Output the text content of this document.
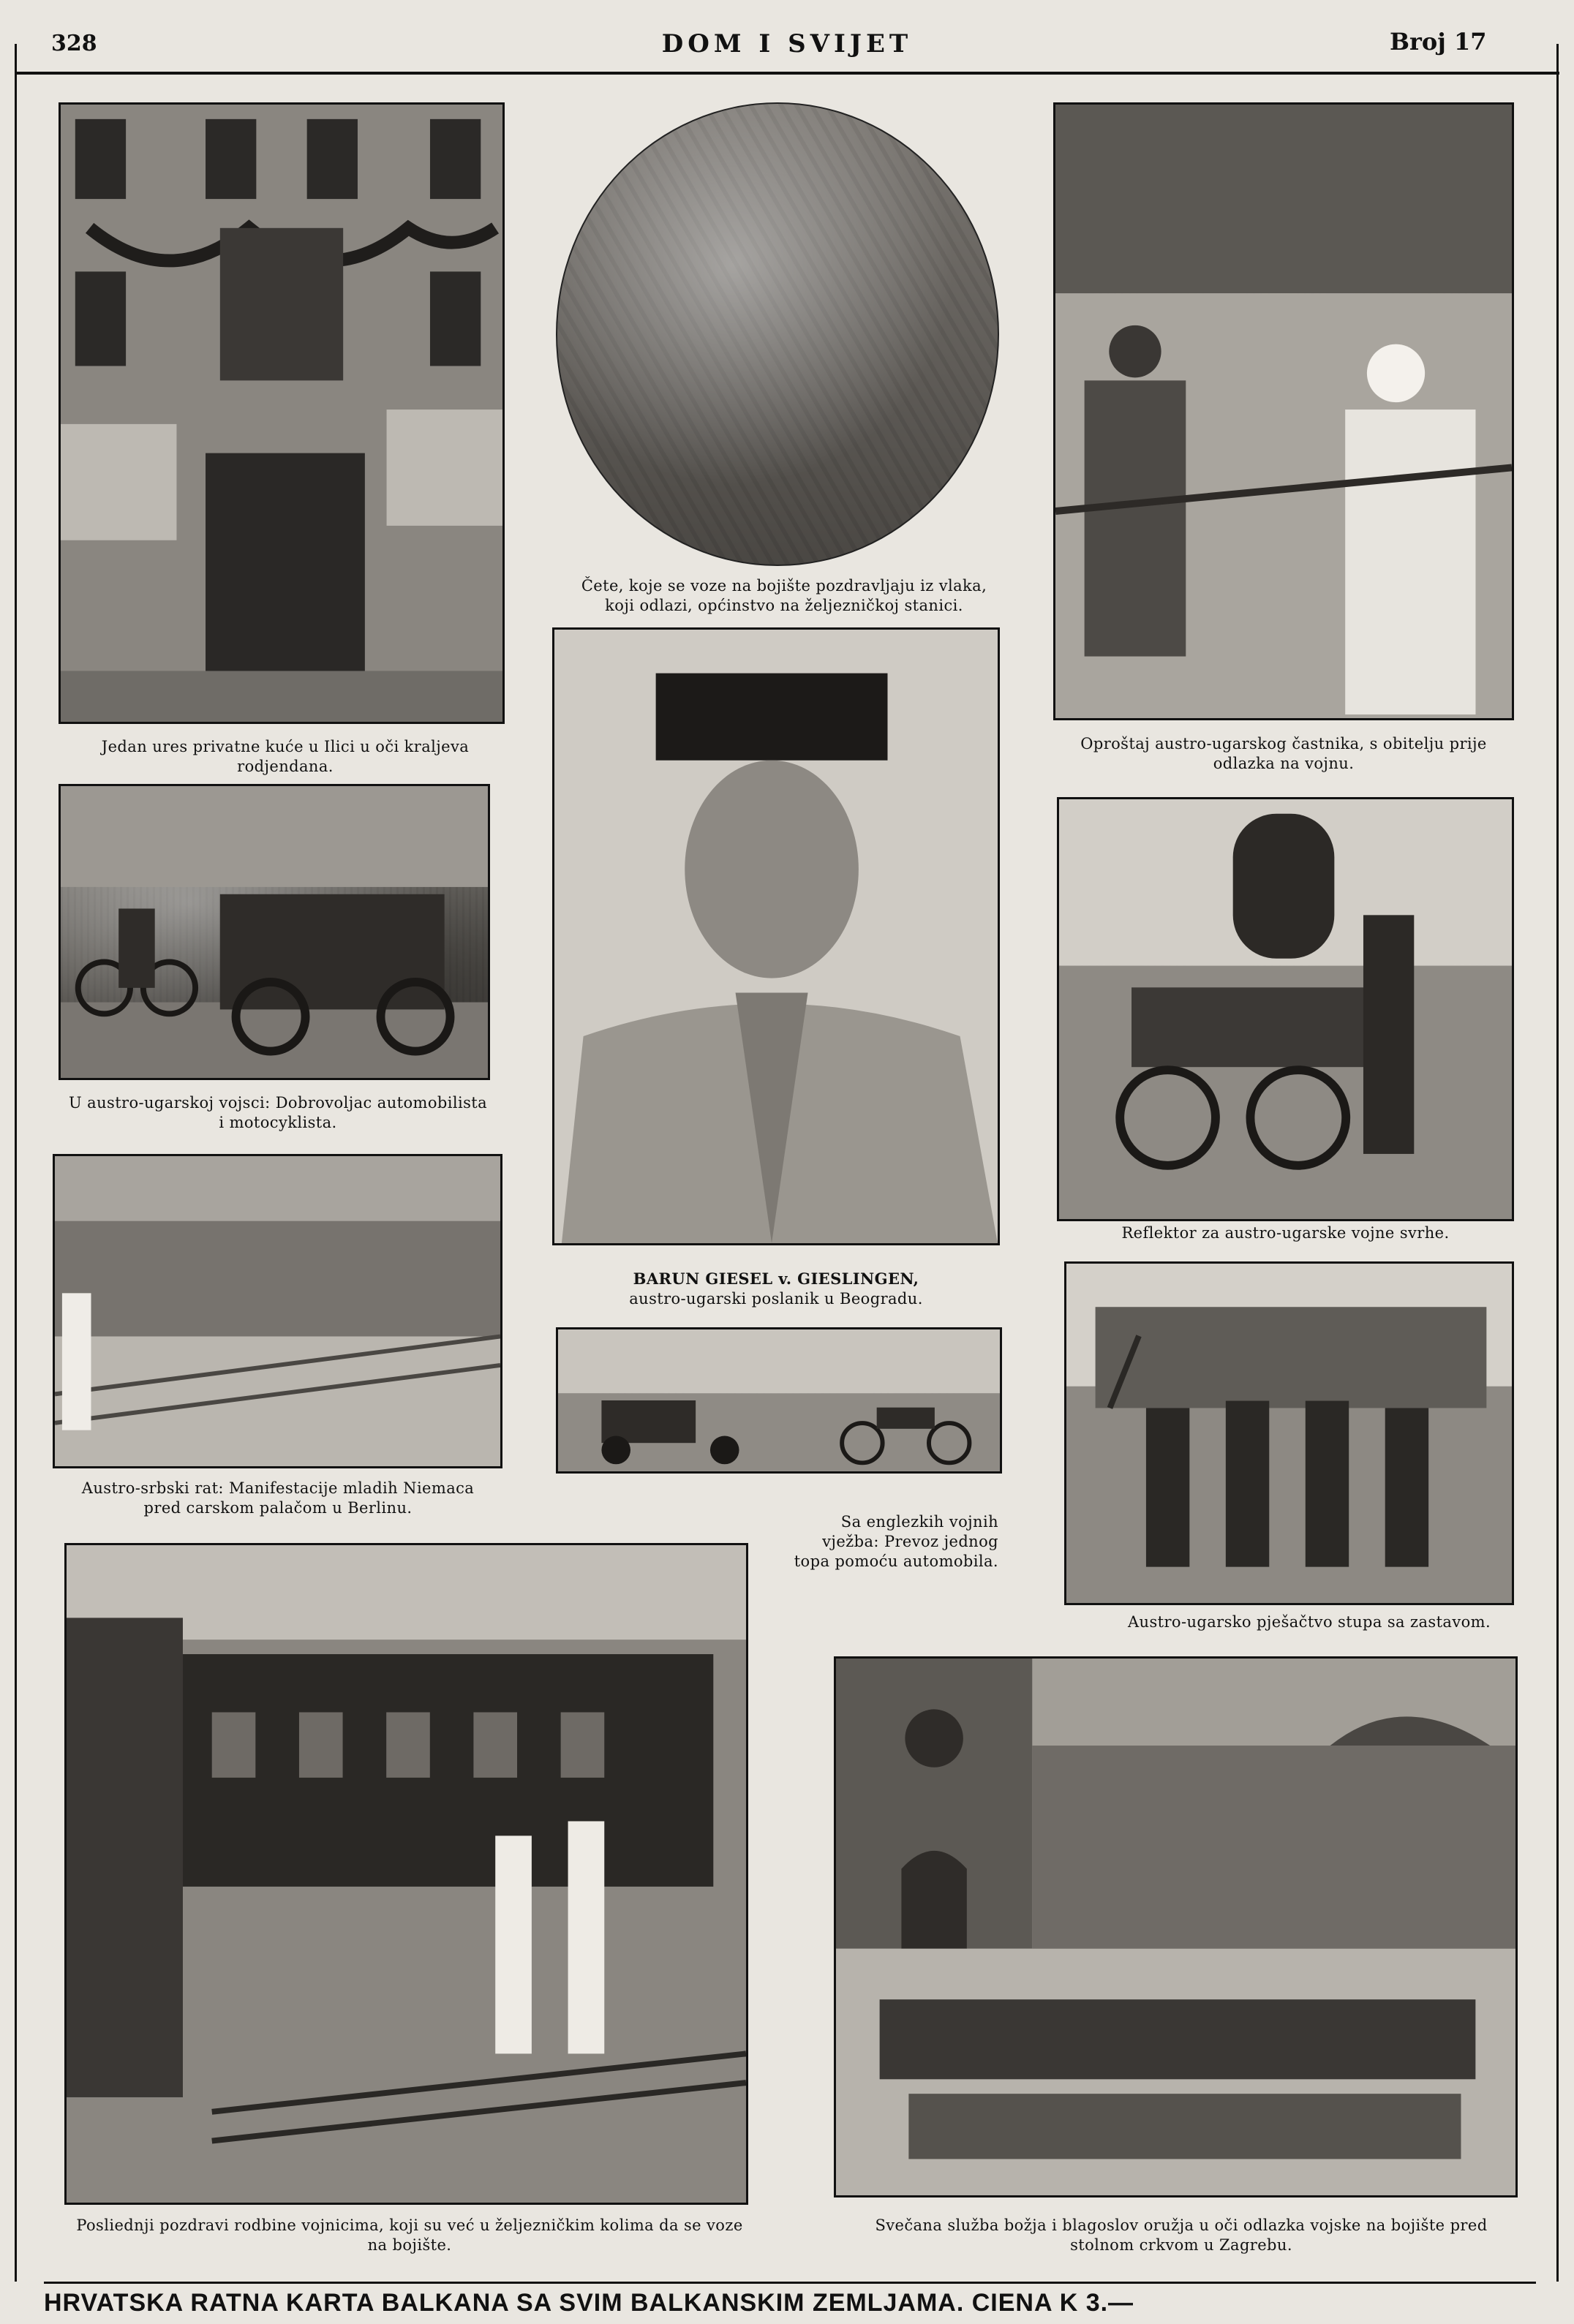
328	DOM I SVIJET	Broj 17
Jedan ures privatne kuće u Ilici u oči kraljeva rodjendana.
Čete, koje se voze na bojište pozdravljaju iz vlaka, koji odlazi, općinstvo na željezničkoj stanici.
Oproštaj austro-ugarskog častnika, s obitelju prije odlazka na vojnu.
U austro-ugarskoj vojsci: Dobrovoljac automobilista i motocyklista.
BARUN GIESEL v. GIESLINGEN,
austro-ugarski poslanik u Beogradu.
Reflektor za austro-ugarske vojne svrhe.
Austro-srbski rat: Manifestacije mladih Niemaca pred carskom palačom u Berlinu.
Sa englezkih vojnih vježba: Prevoz jednog topa pomoću automobila.
Austro-ugarsko pješačtvo stupa sa zastavom.
Posliednji pozdravi rodbine vojnicima, koji su već u željezničkim kolima da se voze na bojište.
Svečana služba božja i blagoslov oružja u oči odlazka vojske na bojište pred stolnom crkvom u Zagrebu.
HRVATSKA RATNA KARTA BALKANA SA SVIM BALKANSKIM ZEMLJAMA. CIENA K 3.—
